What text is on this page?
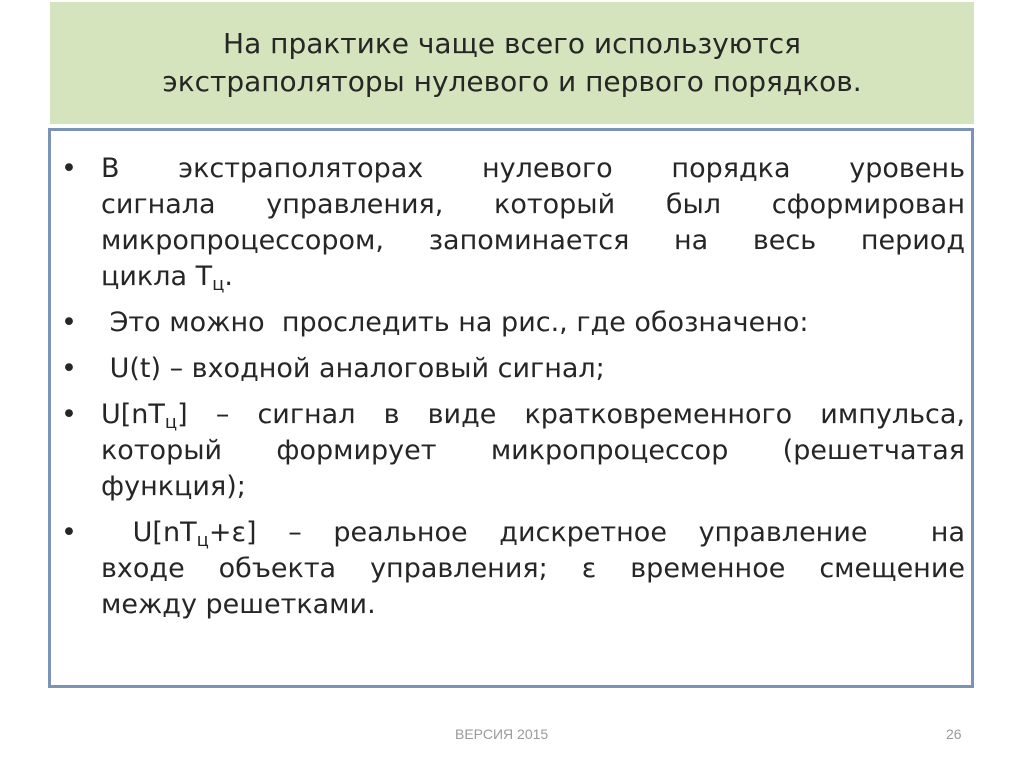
На практике чаще всего используются
экстраполяторы нулевого и первого порядков.
• В экстраполяторах нулевого порядка уровень
сигнала управления, который был сформирован
микропроцессором, запоминается на весь период
цикла $Т_ц$.
• Это можно  проследить на рис., где обозначено:
• U(t) – входной аналоговый сигнал;
• $U[nT_ц]$ – сигнал в виде кратковременного импульса,
который формирует микропроцессор (решетчатая
функция);
• $U[nT_ц+\varepsilon]$ – реальное дискретное управление  на
входе объекта управления; ε временное смещение
между решетками.
ВЕРСИЯ 2015	26
